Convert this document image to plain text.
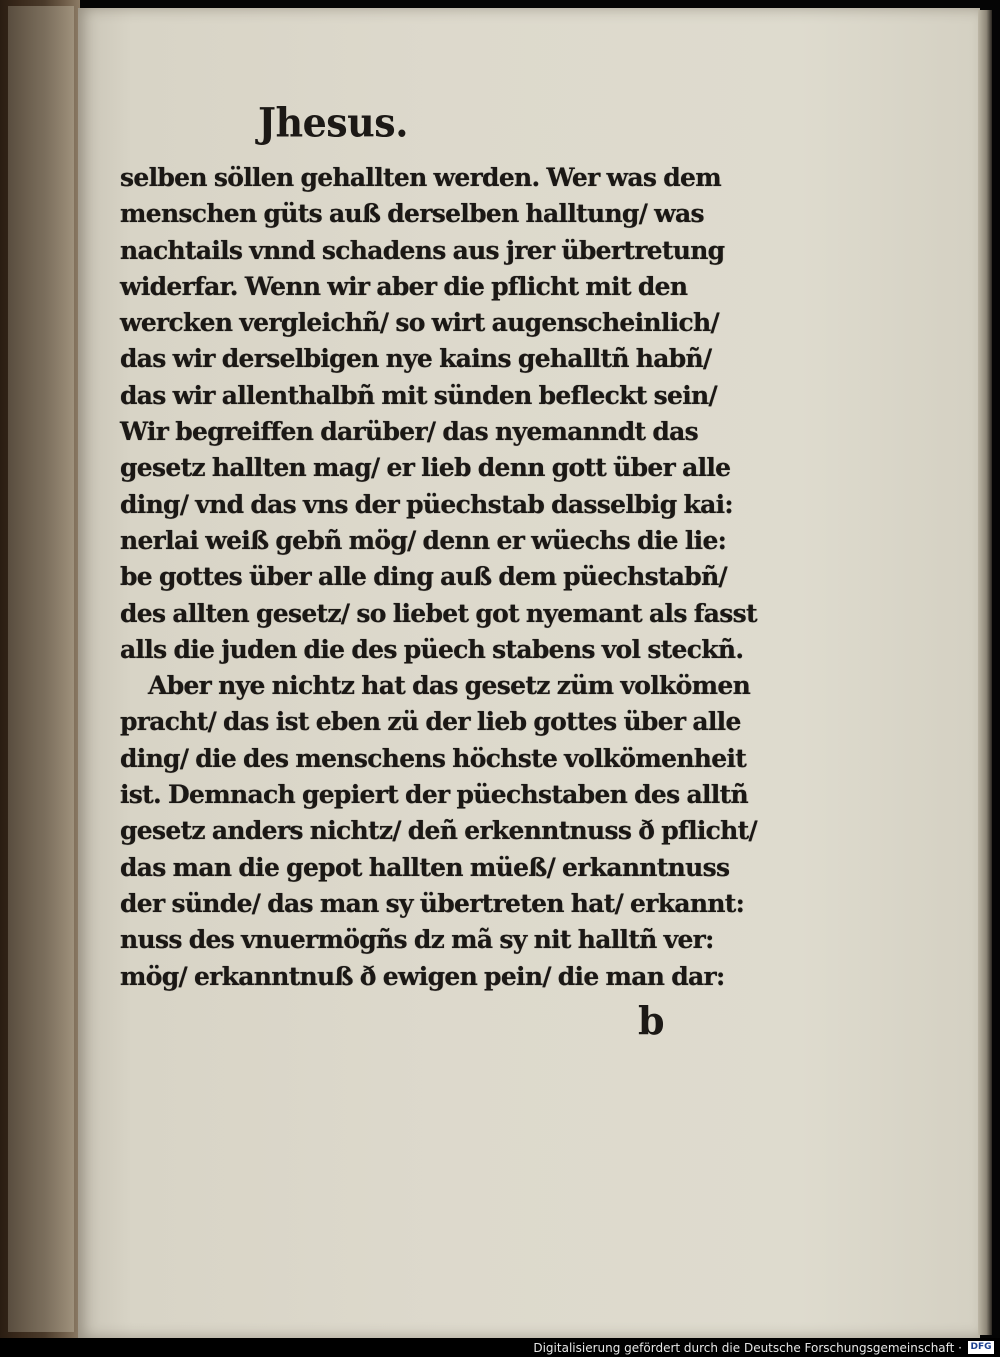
Jhesus.
selben söllen gehallten werden. Wer was dem
menschen güts auß derselben halltung/ was
nachtails vnnd schadens aus jrer übertretung
widerfar. Wenn wir aber die pflicht mit den
wercken vergleichñ/ so wirt augenscheinlich/
das wir derselbigen nye kains gehalltñ habñ/
das wir allenthalbñ mit sünden befleckt sein/
Wir begreiffen darüber/ das nyemanndt das
gesetz hallten mag/ er lieb denn gott über alle
ding/ vnd das vns der püechstab dasselbig kai:
nerlai weiß gebñ mög/ denn er wüechs die lie:
be gottes über alle ding auß dem püechstabñ/
des allten gesetz/ so liebet got nyemant als fasst
alls die juden die des püech stabens vol steckñ.
Aber nye nichtz hat das gesetz züm volkömen
pracht/ das ist eben zü der lieb gottes über alle
ding/ die des menschens höchste volkömenheit
ist. Demnach gepiert der püechstaben des alltñ
gesetz anders nichtz/ deñ erkenntnuss ð pflicht/
das man die gepot hallten müeß/ erkanntnuss
der sünde/ das man sy übertreten hat/ erkannt:
nuss des vnuermögñs dz mã sy nit halltñ ver:
mög/ erkanntnuß ð ewigen pein/ die man dar:
b
Digitalisierung gefördert durch die Deutsche Forschungsgemeinschaft · DFG
